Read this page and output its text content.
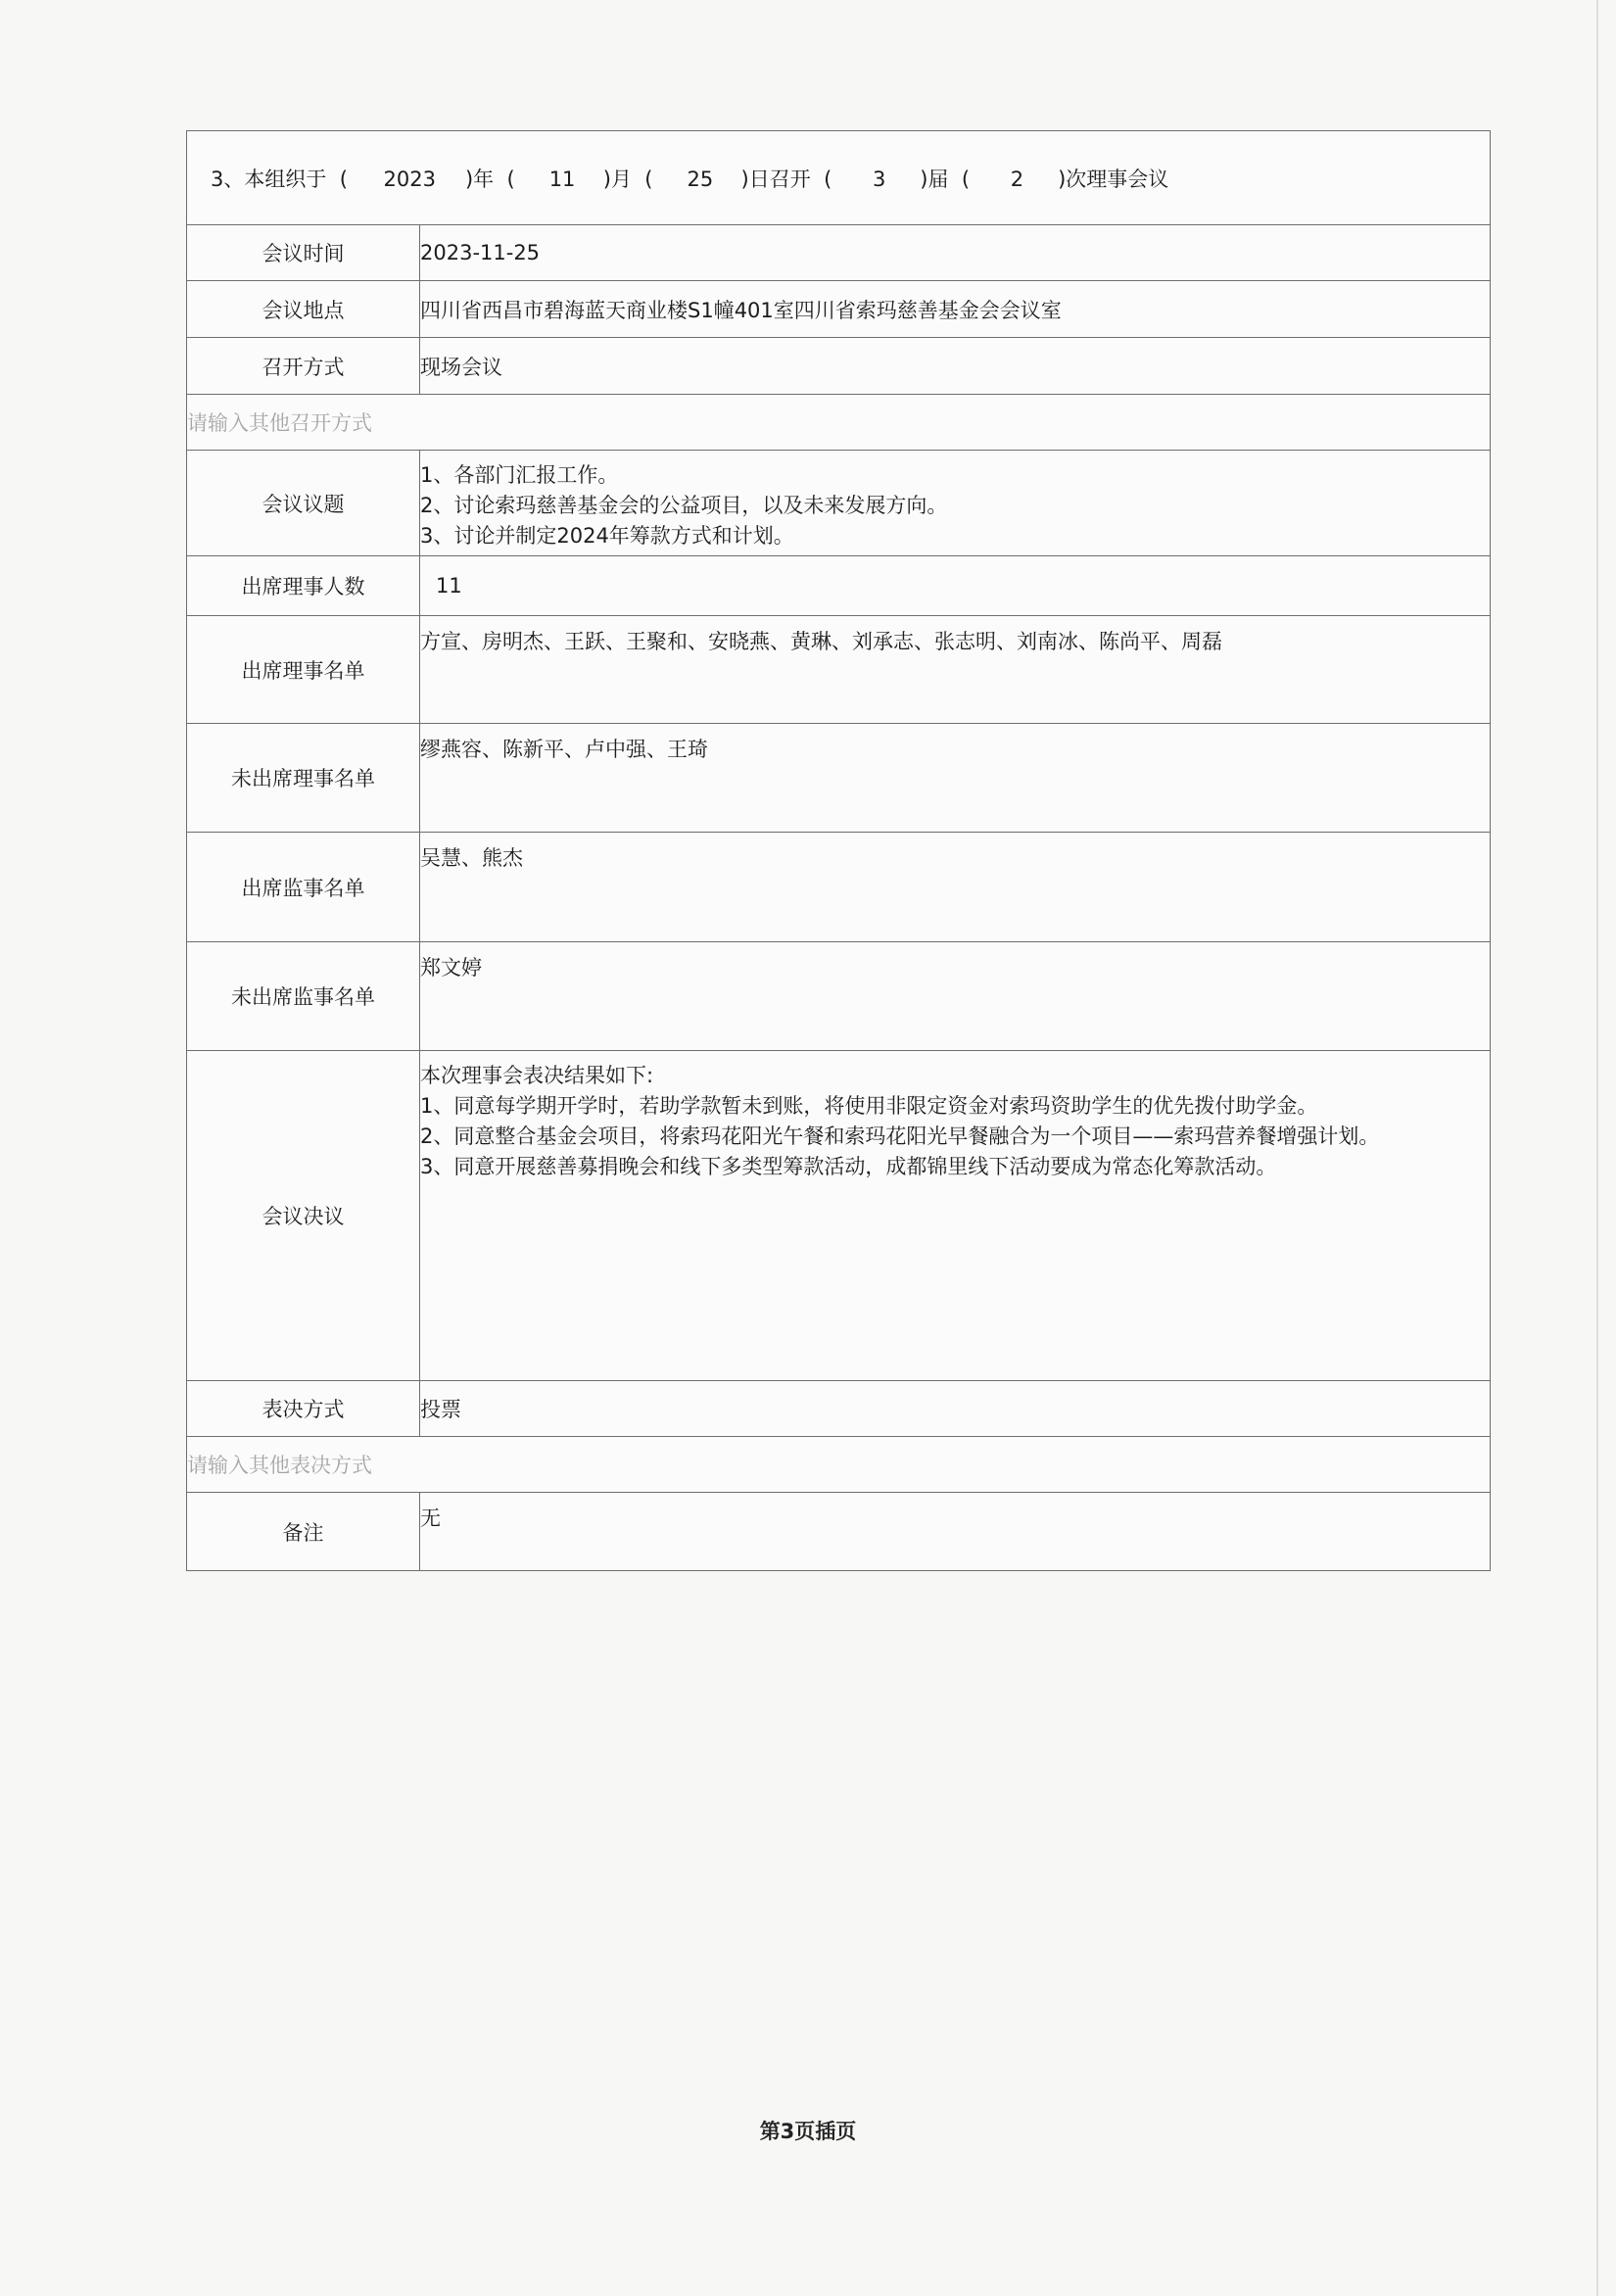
3、本组织于  (  2023 )年  (  11 )月  (  25 )日召开  (  3 )届  (  2 )次理事会议	
会议时间	2023-11-25
会议地点	四川省西昌市碧海蓝天商业楼S1幢401室四川省索玛慈善基金会会议室
召开方式	现场会议
请输入其他召开方式	
会议议题	1、各部门汇报工作。
2、讨论索玛慈善基金会的公益项目，以及未来发展方向。
3、讨论并制定2024年筹款方式和计划。

出席理事人数	11
出席理事名单	方宣、房明杰、王跃、王聚和、安晓燕、黄琳、刘承志、张志明、刘南冰、陈尚平、周磊
未出席理事名单	缪燕容、陈新平、卢中强、王琦
出席监事名单	吴慧、熊杰
未出席监事名单	郑文婷
会议决议	本次理事会表决结果如下:
1、同意每学期开学时，若助学款暂未到账，将使用非限定资金对索玛资助学生的优先拨付助学金。
2、同意整合基金会项目，将索玛花阳光午餐和索玛花阳光早餐融合为一个项目——索玛营养餐增强计划。
3、同意开展慈善募捐晚会和线下多类型筹款活动，成都锦里线下活动要成为常态化筹款活动。

表决方式	投票
请输入其他表决方式	
备注	无
第3页插页
